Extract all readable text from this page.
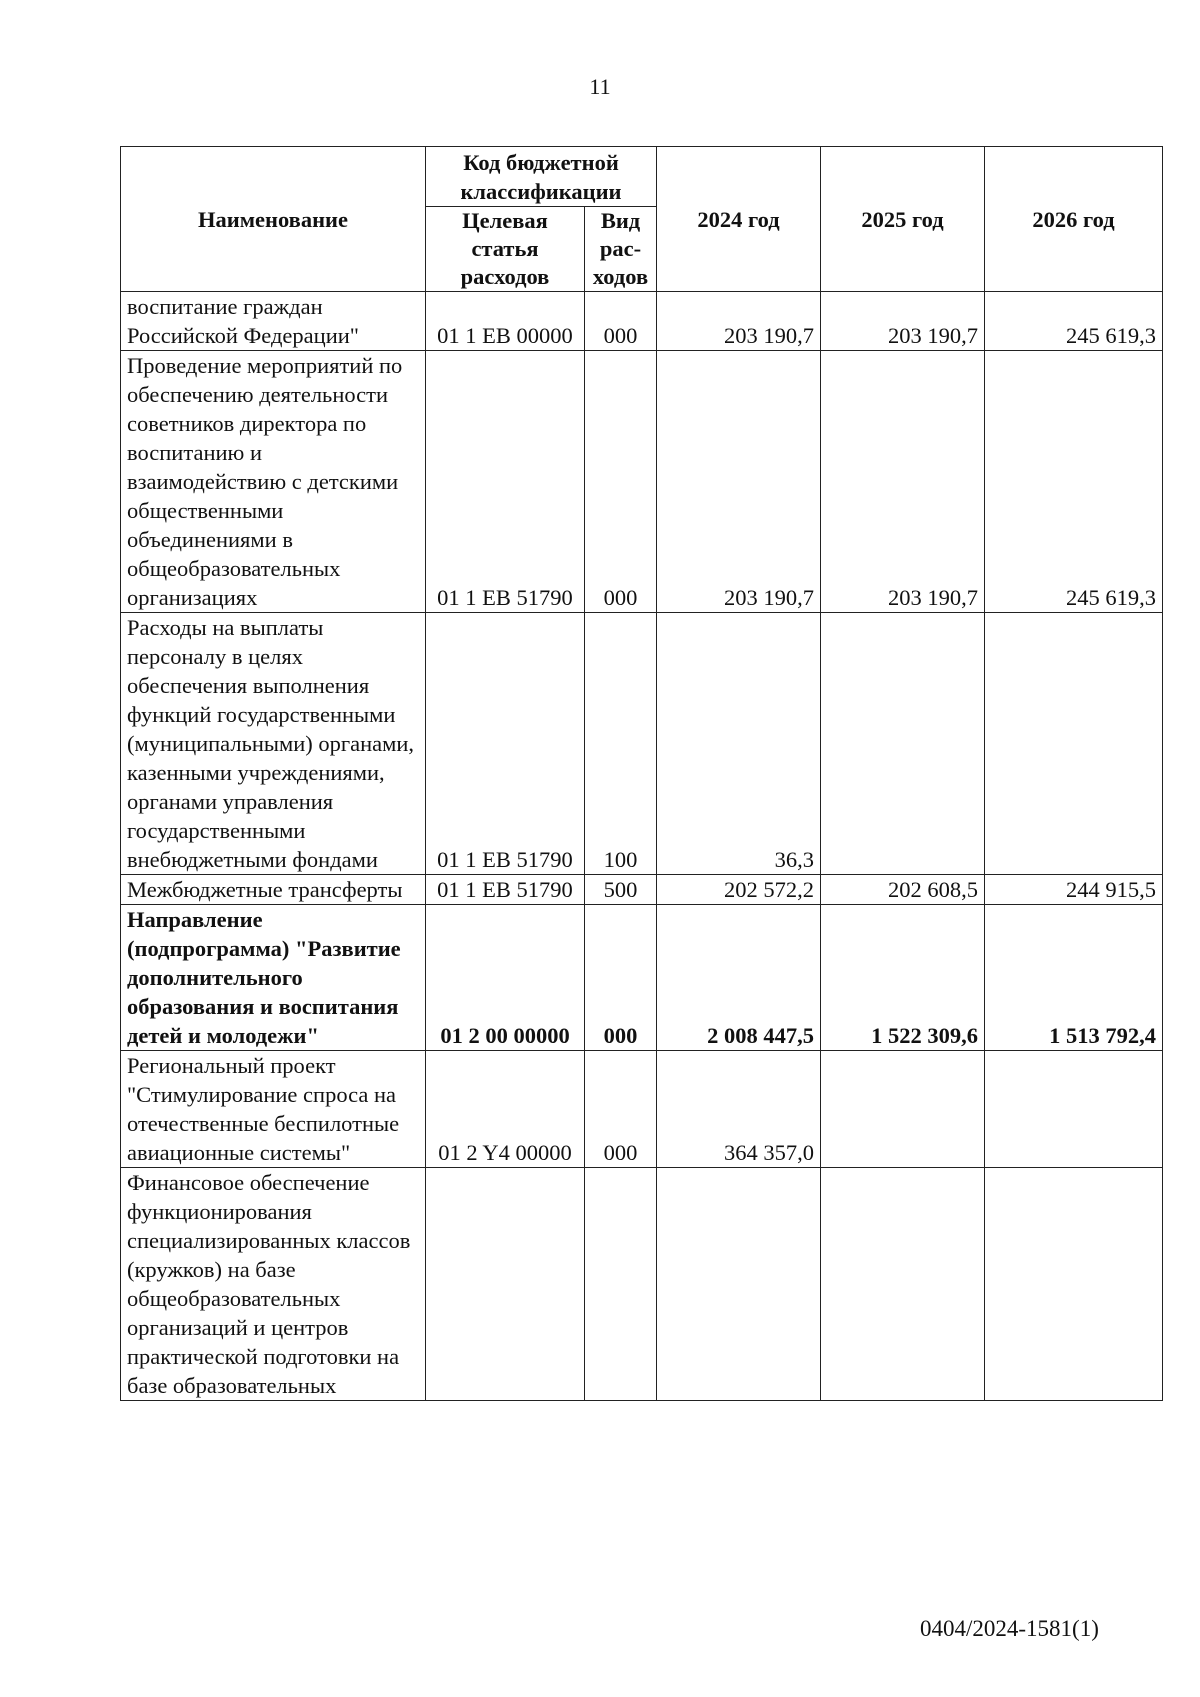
11
Наименование	Код бюджетной классификации		2024 год	2025 год	2026 год
	Целевая статья расходов	Вид рас-ходов			
воспитание граждан Российской Федерации"	01 1 ЕВ 00000	000	203 190,7	203 190,7	245 619,3
Проведение мероприятий по обеспечению деятельности советников директора по воспитанию и взаимодействию с детскими общественными объединениями в общеобразовательных организациях	01 1 ЕВ 51790	000	203 190,7	203 190,7	245 619,3
Расходы на выплаты персоналу в целях обеспечения выполнения функций государственными (муниципальными) органами, казенными учреждениями, органами управления государственными внебюджетными фондами	01 1 ЕВ 51790	100	36,3		
Межбюджетные трансферты	01 1 ЕВ 51790	500	202 572,2	202 608,5	244 915,5
Направление (подпрограмма) "Развитие дополнительного образования и воспитания детей и молодежи"	01 2 00 00000	000	2 008 447,5	1 522 309,6	1 513 792,4
Региональный проект "Стимулирование спроса на отечественные беспилотные авиационные системы"	01 2 Y4 00000	000	364 357,0		
Финансовое обеспечение функционирования специализированных классов (кружков) на базе общеобразовательных организаций и центров практической подготовки на базе образовательных					
0404/2024-1581(1)
